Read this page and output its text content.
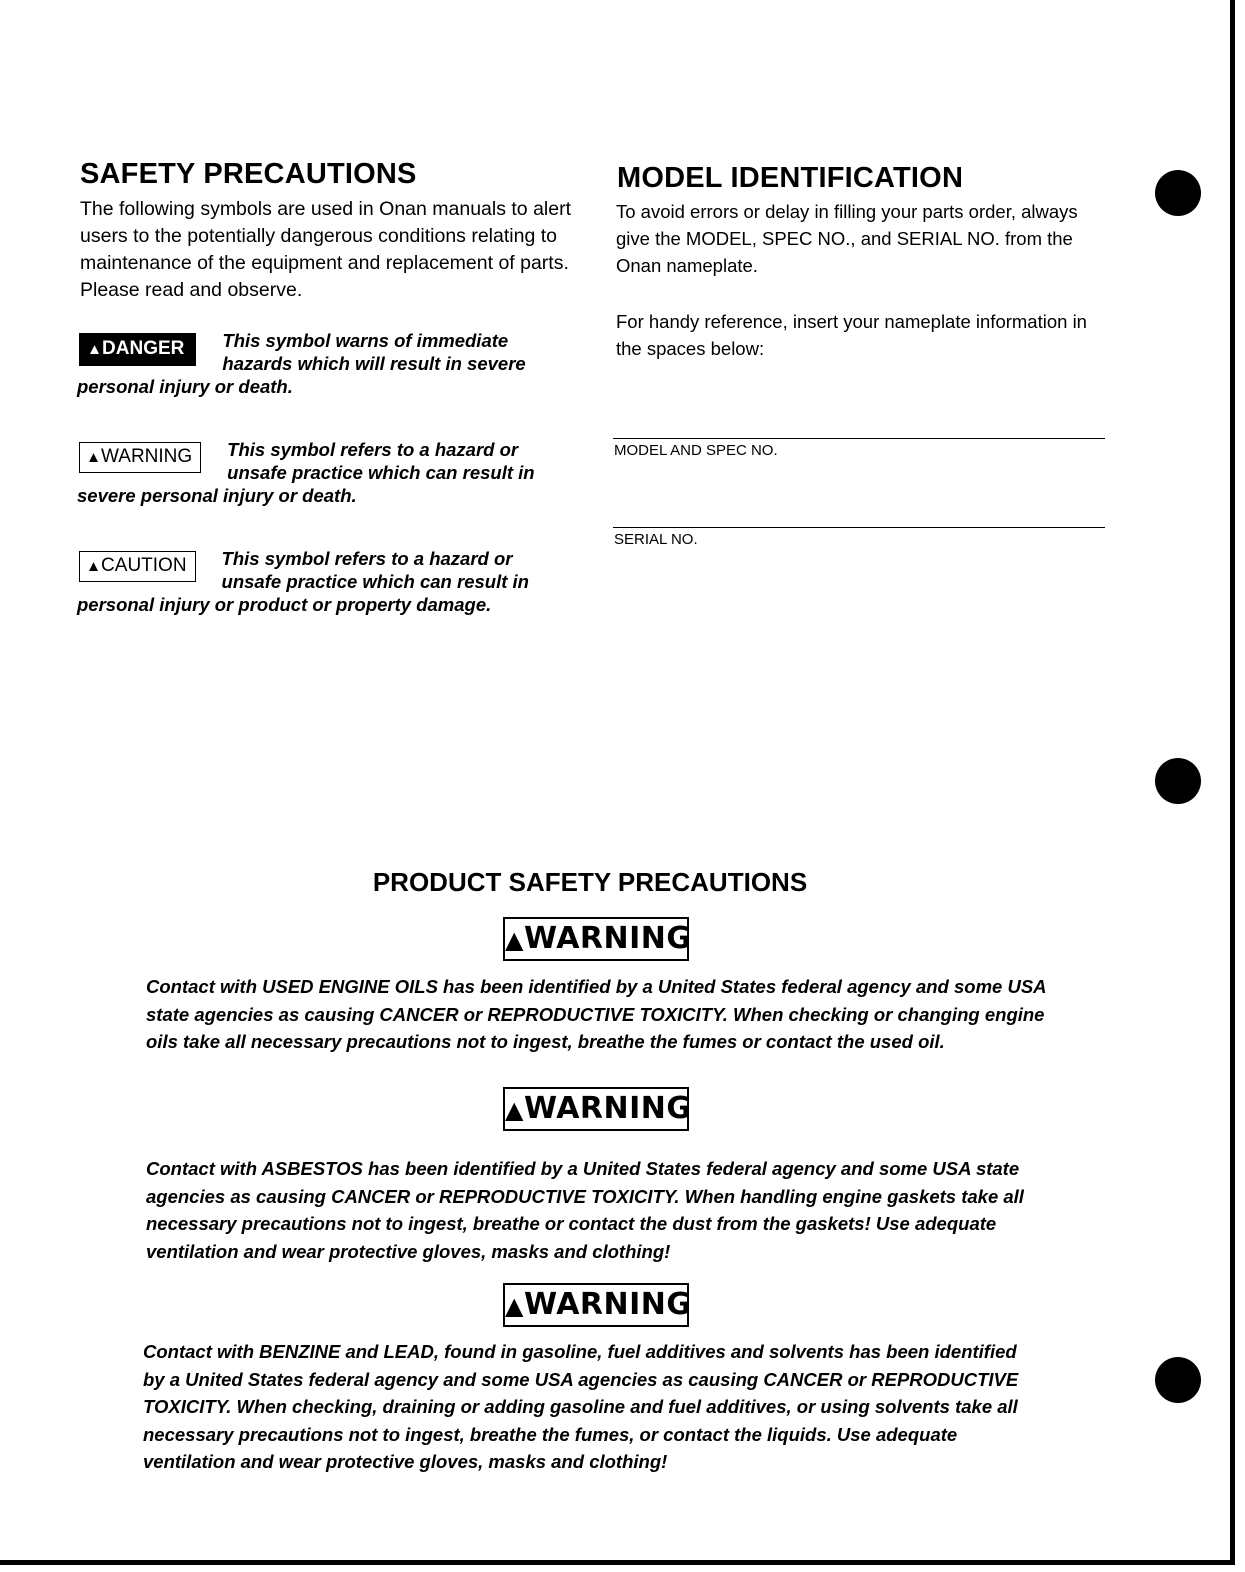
SAFETY PRECAUTIONS

The following symbols are used in Onan manuals to alert users to the potentially dangerous conditions relating to maintenance of the equipment and replacement of parts. Please read and observe.

▲DANGER	This symbol warns of immediate hazards which will result in severe personal injury or death.
▲WARNING	This symbol refers to a hazard or unsafe practice which can result in severe personal injury or death.
▲CAUTION	This symbol refers to a hazard or unsafe practice which can result in personal injury or product or property damage.
MODEL IDENTIFICATION

To avoid errors or delay in filling your parts order, always give the MODEL, SPEC NO., and SERIAL NO. from the Onan nameplate.

For handy reference, insert your nameplate information in the spaces below:

MODEL AND SPEC NO.
SERIAL NO.
PRODUCT SAFETY PRECAUTIONS
▲WARNING

Contact with USED ENGINE OILS has been identified by a United States federal agency and some USA state agencies as causing CANCER or REPRODUCTIVE TOXICITY. When checking or changing engine oils take all necessary precautions not to ingest, breathe the fumes or contact the used oil.

▲WARNING

Contact with ASBESTOS has been identified by a United States federal agency and some USA state agencies as causing CANCER or REPRODUCTIVE TOXICITY. When handling engine gaskets take all necessary precautions not to ingest, breathe or contact the dust from the gaskets! Use adequate ventilation and wear protective gloves, masks and clothing!

▲WARNING

Contact with BENZINE and LEAD, found in gasoline, fuel additives and solvents has been identified by a United States federal agency and some USA agencies as causing CANCER or REPRODUCTIVE TOXICITY. When checking, draining or adding gasoline and fuel additives, or using solvents take all necessary precautions not to ingest, breathe the fumes, or contact the liquids. Use adequate ventilation and wear protective gloves, masks and clothing!
